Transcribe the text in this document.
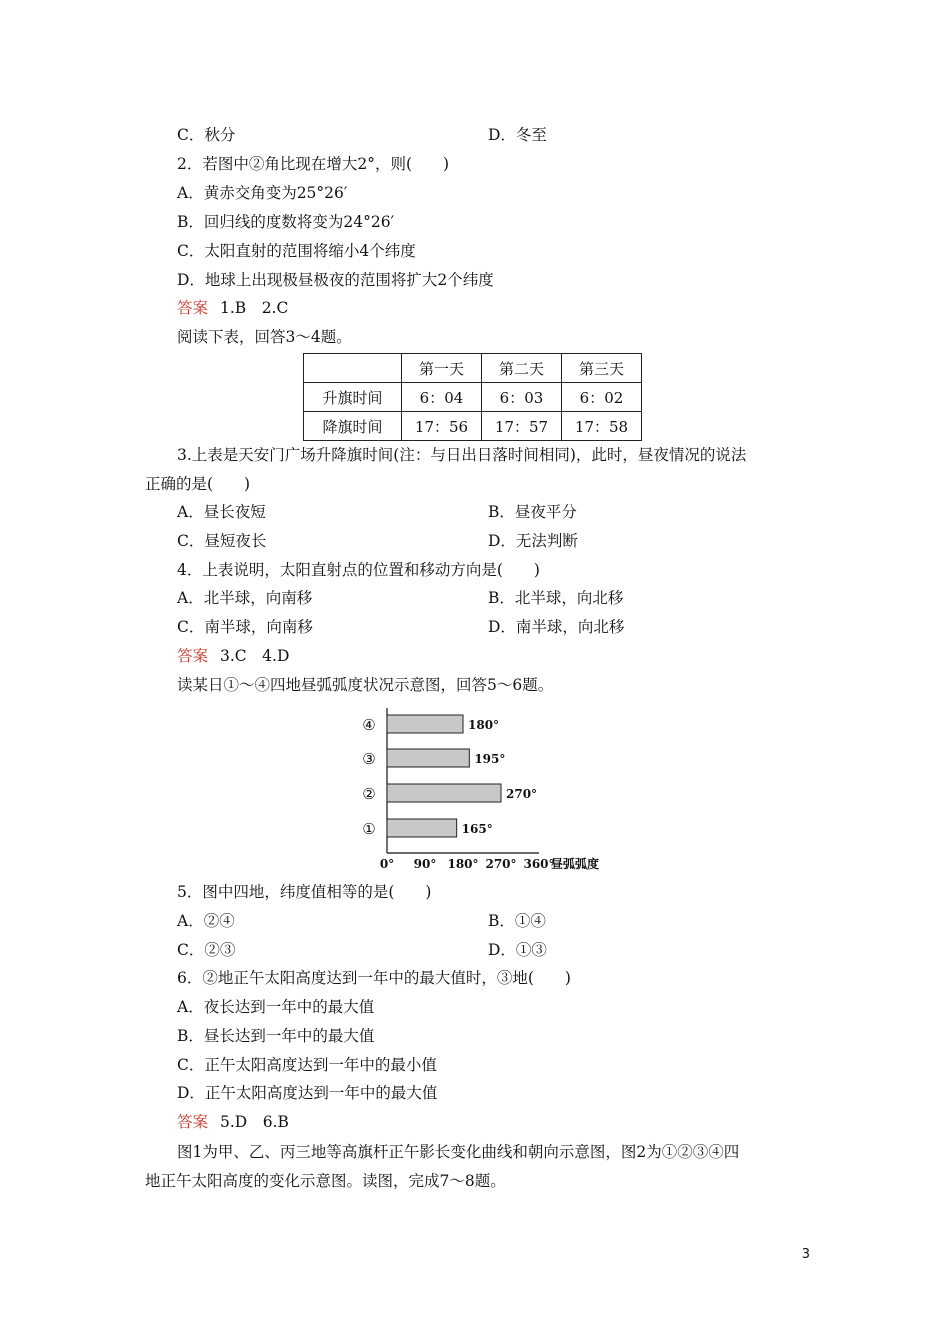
C．秋分	D．冬至
2．若图中②角比现在增大2°，则(　　)
A．黄赤交角变为25°26′
B．回归线的度数将变为24°26′
C．太阳直射的范围将缩小4个纬度
D．地球上出现极昼极夜的范围将扩大2个纬度
答案 1.B　2.C
阅读下表，回答3～4题。
	第一天	第二天	第三天
升旗时间	6：04	6：03	6：02
降旗时间	17：56	17：57	17：58
3.上表是天安门广场升降旗时间(注：与日出日落时间相同)，此时，昼夜情况的说法
正确的是(　　)
A．昼长夜短	B．昼夜平分
C．昼短夜长	D．无法判断
4．上表说明，太阳直射点的位置和移动方向是(　　)
A．北半球，向南移	B．北半球，向北移
C．南半球，向南移	D．南半球，向北移
答案 3.C　4.D
读某日①～④四地昼弧弧度状况示意图，回答5～6题。
④	180°
③	195°
②	270°
①	165°
0° 90° 180° 270° 360°
昼弧弧度
5．图中四地，纬度值相等的是(　　)
A．②④	B．①④
C．②③	D．①③
6．②地正午太阳高度达到一年中的最大值时，③地(　　)
A．夜长达到一年中的最大值
B．昼长达到一年中的最大值
C．正午太阳高度达到一年中的最小值
D．正午太阳高度达到一年中的最大值
答案 5.D　6.B
图1为甲、乙、丙三地等高旗杆正午影长变化曲线和朝向示意图，图2为①②③④四
地正午太阳高度的变化示意图。读图，完成7～8题。
3
